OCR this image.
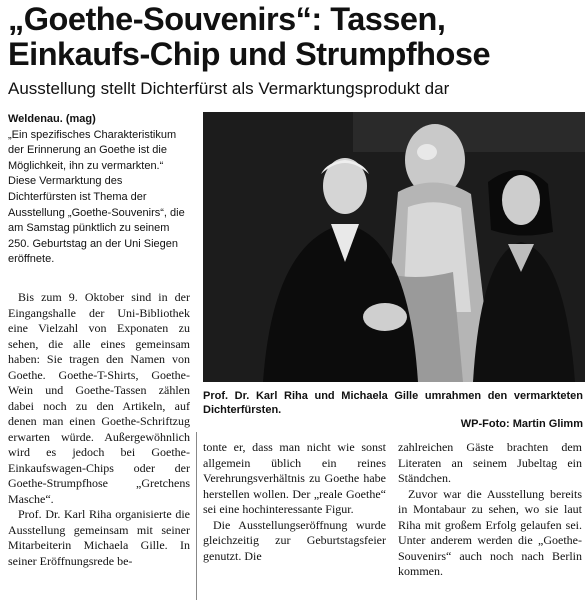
„Goethe-Souvenirs“: Tassen, Einkaufs-Chip und Strumpfhose
Ausstellung stellt Dichterfürst als Vermarktungsprodukt dar
Weldenau. (mag)
„Ein spezifisches Charakteristikum der Erinnerung an Goethe ist die Möglichkeit, ihn zu vermarkten.“ Diese Vermarktung des Dichterfürsten ist Thema der Ausstellung „Goethe-Souvenirs“, die am Samstag pünktlich zu seinem 250. Geburtstag an der Uni Siegen eröffnete.

Bis zum 9. Oktober sind in der Eingangshalle der Uni-Bibliothek eine Vielzahl von Exponaten zu sehen, die alle eines gemeinsam haben: Sie tragen den Namen von Goethe. Goethe-T-Shirts, Goethe-Wein und Goethe-Tassen zählen dabei noch zu den Artikeln, auf denen man einen Goethe-Schriftzug erwarten würde. Außergewöhnlich wird es jedoch bei Goethe-Einkaufswagen-Chips oder der Goethe-Strumpfhose „Gretchens Masche“.

Prof. Dr. Karl Riha organisierte die Ausstellung gemeinsam mit seiner Mitarbeiterin Michaela Gille. In seiner Eröffnungsrede be-

Prof. Dr. Karl Riha und Michaela Gille umrahmen den vermarkteten Dichterfürsten.
WP-Foto: Martin Glimm

tonte er, dass man nicht wie sonst allgemein üblich ein reines Verehrungsverhältnis zu Goethe habe herstellen wollen. Der „reale Goethe“ sei eine hochinteressante Figur.

Die Ausstellungseröffnung wurde gleichzeitig zur Geburtstagsfeier genutzt. Die

zahlreichen Gäste brachten dem Literaten an seinem Jubeltag ein Ständchen.

Zuvor war die Ausstellung bereits in Montabaur zu sehen, wo sie laut Riha mit großem Erfolg gelaufen sei. Unter anderem werden die „Goethe-Souvenirs“ auch noch nach Berlin kommen.
